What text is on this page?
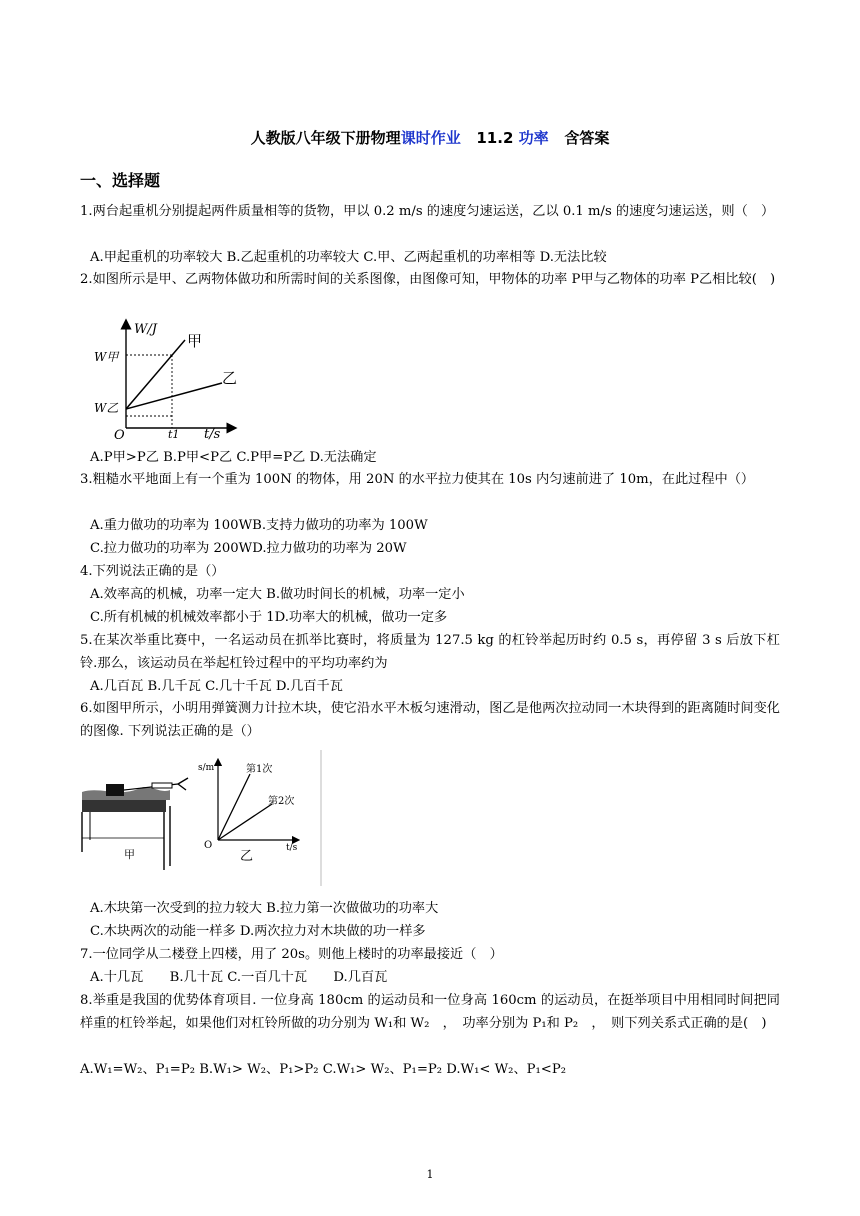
人教版八年级下册物理课时作业 11.2 功率 含答案
一、选择题
1.两台起重机分别提起两件质量相等的货物，甲以 0.2 m/s 的速度匀速运送，乙以 0.1 m/s 的速度匀速运送，则（　）
A.甲起重机的功率较大 B.乙起重机的功率较大 C.甲、乙两起重机的功率相等 D.无法比较
2.如图所示是甲、乙两物体做功和所需时间的关系图像，由图像可知，甲物体的功率 P甲与乙物体的功率 P乙相比较(　)
W/J
t/s
O
W甲
W乙
t1
甲
乙
A.P甲>P乙 B.P甲<P乙 C.P甲=P乙 D.无法确定
3.粗糙水平地面上有一个重为 100N 的物体，用 20N 的水平拉力使其在 10s 内匀速前进了 10m，在此过程中（）
A.重力做功的功率为 100WB.支持力做功的功率为 100W
C.拉力做功的功率为 200WD.拉力做功的功率为 20W
4.下列说法正确的是（）
A.效率高的机械，功率一定大 B.做功时间长的机械，功率一定小
C.所有机械的机械效率都小于 1D.功率大的机械，做功一定多
5.在某次举重比赛中，一名运动员在抓举比赛时，将质量为 127.5 kg 的杠铃举起历时约 0.5 s，再停留 3 s 后放下杠铃.那么，该运动员在举起杠铃过程中的平均功率约为
A.几百瓦 B.几千瓦 C.几十千瓦 D.几百千瓦
6.如图甲所示，小明用弹簧测力计拉木块，使它沿水平木板匀速滑动，图乙是他两次拉动同一木块得到的距离随时间变化的图像. 下列说法正确的是（）
甲
s/m
t/s
O
第1次
第2次
乙
A.木块第一次受到的拉力较大 B.拉力第一次做做功的功率大
C.木块两次的动能一样多 D.两次拉力对木块做的功一样多
7.一位同学从二楼登上四楼，用了 20s。则他上楼时的功率最接近（　）
A.十几瓦　　B.几十瓦 C.一百几十瓦　　D.几百瓦
8.举重是我国的优势体育项目. 一位身高 180cm 的运动员和一位身高 160cm 的运动员，在挺举项目中用相同时间把同样重的杠铃举起，如果他们对杠铃所做的功分别为 W₁和 W₂　，　功率分别为 P₁和 P₂　，　则下列关系式正确的是(　)
A.W₁=W₂、P₁=P₂ B.W₁> W₂、P₁>P₂ C.W₁> W₂、P₁=P₂ D.W₁< W₂、P₁<P₂
1
